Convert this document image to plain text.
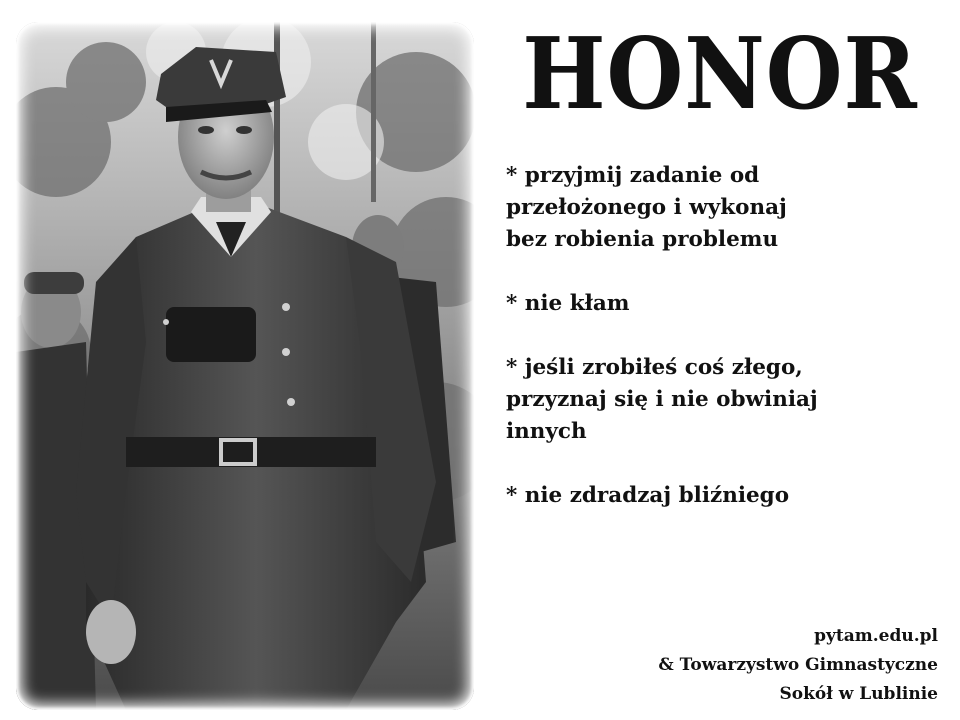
HONOR
* przyjmij zadanie od
przełożonego i wykonaj
bez robienia problemu
* nie kłam
* jeśli zrobiłeś coś złego,
przyznaj się i nie obwiniaj
innych
* nie zdradzaj bliźniego
pytam.edu.pl
& Towarzystwo Gimnastyczne
Sokół w Lublinie
